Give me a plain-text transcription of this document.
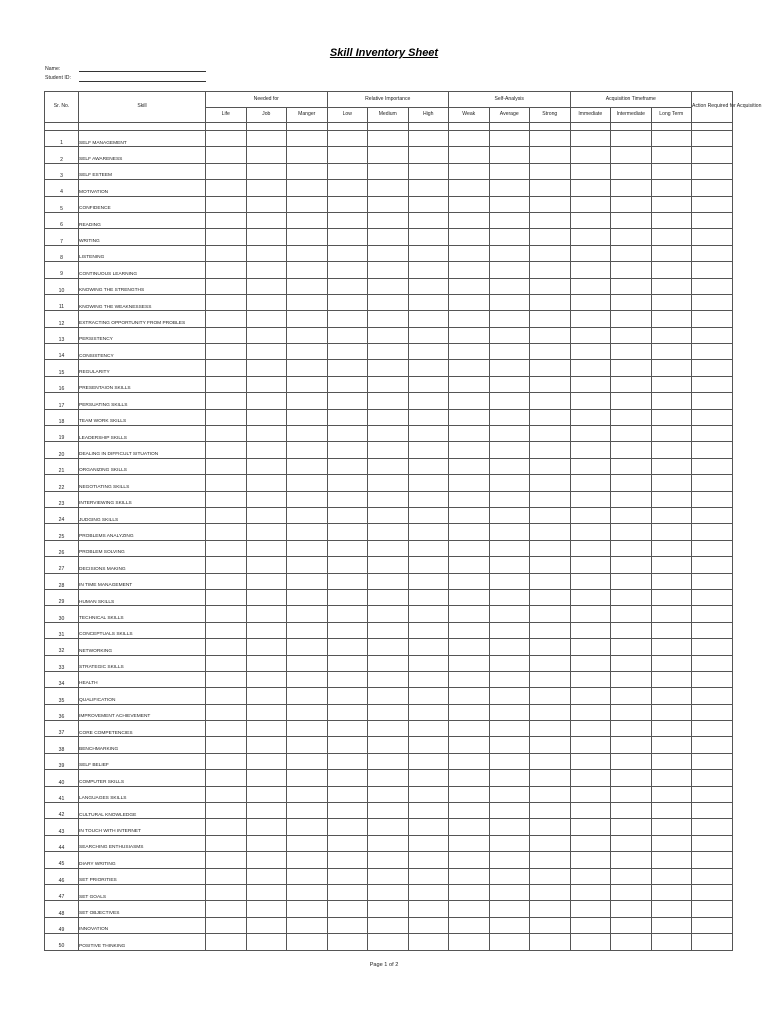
Skill Inventory Sheet
Name:
Student ID:
Sr. No.	Skill	Needed for			Relative Importance			Self-Analysis			Acquisition Timeframe			Action Required for Acquisition
		Life	Job	Manger	Low	Medium	High	Weak	Average	Strong	Immediate	Intermediate	Long Term	

1	SELF MANAGEMENT													
2	SELF AWARENESS													
3	SELF ESTEEM													
4	MOTIVATION													
5	CONFIDENCE													
6	READING													
7	WRITING													
8	LISTENING													
9	CONTINUOUS LEARNING													
10	KNOWING THE STRENGTHS													
11	KNOWING THE WEAKNESSESS													
12	EXTRACTING OPPORTUNITY FROM PROBLES													
13	PERSISTENCY													
14	CONSISTENCY													
15	REGULARITY													
16	PRESENTAION SKILLS													
17	PERSUATING SKILLS													
18	TEAM WORK SKILLS													
19	LEADERSHIP SKILLS													
20	DEALING IN DIFFICULT SITUATION													
21	ORGANIZING SKILLS													
22	NEGOTIATING SKILLS													
23	INTERVIEWING SKILLS													
24	JUDGING SKILLS													
25	PROBLEMS ANALYZING													
26	PROBLEM SOLVING													
27	DECISIONS MAKING													
28	IN TIME MANAGEMENT													
29	HUMAN SKILLS													
30	TECHNICAL SKILLS													
31	CONCEPTUALS SKILLS													
32	NETWORKING													
33	STRATEGIC SKILLS													
34	HEALTH													
35	QUALIFICATION													
36	IMPROVEMENT ACHIEVEMENT													
37	CORE COMPETENCIES													
38	BENCHMARKING													
39	SELF BELIEF													
40	COMPUTER SKILLS													
41	LANGUAGES SKILLS													
42	CULTURAL KNOWLEDGE													
43	IN TOUCH WITH INTERNET													
44	SEARCHING ENTHUSIASMS													
45	DIARY WRITING													
46	SET PRIORITIES													
47	SET GOALS													
48	SET OBJECTIVES													
49	INNOVATION													
50	POSITIVE THINKING													
Page 1 of 2
